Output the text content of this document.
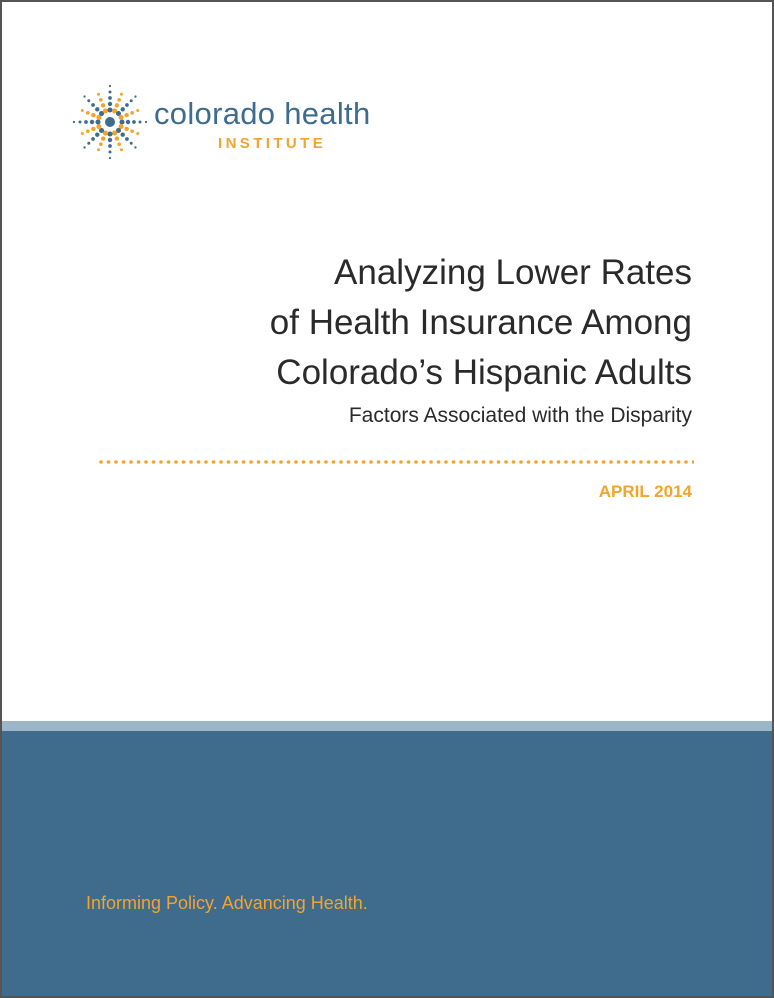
colorado health
INSTITUTE
Analyzing Lower Rates
of Health Insurance Among
Colorado’s Hispanic Adults
Factors Associated with the Disparity
APRIL 2014
Informing Policy. Advancing Health.
